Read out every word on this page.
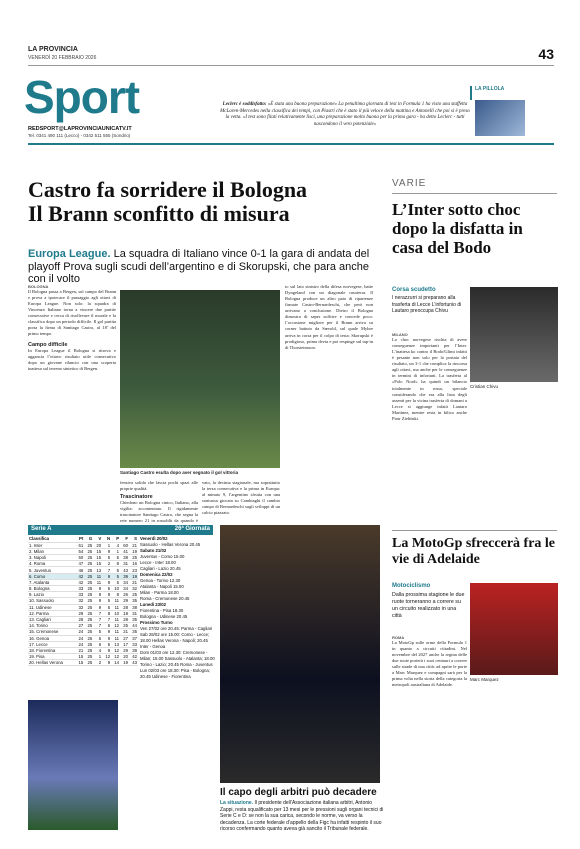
LA PROVINCIA
VENERDÌ 20 FEBBRAIO 2026	43
Sport
REDSPORT@LAPROVINCIAUNICATV.IT
Tel. 0341 490 111 (Lecco) - 0342 511 555 (Sondrio)
Leclerc è soddisfatto: «È stata una buona preparazione» La penultima giornata di test in Formula 1 ha visto una staffetta McLaren-Mercedes nella classifica dei tempi, con Piastri che è stato il più veloce della mattina e Antonelli che poi si è preso la vetta. «I test sono filati relativamente lisci, una preparazione molto buona per la prima gara - ha detto Leclerc - tutti nascondono il vero potenziale»
LA PILLOLA
Castro fa sorridere il Bologna
Il Brann sconfitto di misura
Europa League. La squadra di Italiano vince 0-1 la gara di andata del playoff Prova sugli scudi dell’argentino e di Skorupski, che para anche con il volto
BOLOGNA

Il Bologna passa a Bergen, sul campo del Brann e prova a ipotecare il passaggio agli ottavi di Europa League. Non solo: la squadra di Vincenzo Italiano torna a vincere due partite consecutive e cerca di risollevare il morale e la classifica dopo un periodo difficile. Il gol partita porta la firma di Santiago Castro, al 18’ del primo tempo.

Campo difficile

In Europa League il Bologna si ritrova e aggancia l’ottavo risultato utile consecutivo dopo un giovane rilancio con una scoperta inattesa sul terreno sintetico di Bergen.

Santiago Castro esulta dopo aver segnato il gol vittoria

fensiva solida che lascia pochi spazi alle proprie qualità.

Trascinatore

Chiedono un Bologna cinico, Italiano, alla vigilia: accontentato. Il rigidamente trascinatore Santiago Castro, che segna la rete numero 21 in rossoblù da quando è

vato, la decima stagionale, ma soprattutto la terza consecutiva e la prima in Europa: al minuto 9, l’argentino sfrutta con una sontuosa giocata su Cambiaghi il cambio campo di Bernardeschi sugli sviluppi di un calcio piazzato.
to sul lato sinistro della difesa norvegese, batte Dyngeland con un diagonale rasoterra. Il Bologna produce un altro paio di ripartenze firmate Castro-Bernardeschi, che però non arrivano a conclusione. Dietro il Bologna dimostra di saper soffrire e concede poco: l’occasione migliore per il Brann arriva su corner battuto da Sævold, sul quale Myhre arriva in corsa per il colpo di testa: Skorupski è prodigioso, prima devia e poi respinge sul tap-in di Thorsteinsson.
Serie A	26ª Giornata
Classifica	Pt	G	V	N	P	F	S
1. Inter	61	25	20	1	4	60	21
2. Milan	54	25	15	9	1	41	19
3. Napoli	50	25	15	5	5	38	25
4. Roma	47	25	15	2	8	31	16
5. Juventus	46	25	13	7	5	43	23
6. Como	42	25	11	9	5	39	19
7. Atalanta	42	25	11	9	5	34	21
8. Bologna	33	25	9	6	10	34	32
9. Lazio	33	25	8	9	8	26	25
10. Sassuolo	32	25	9	5	11	29	35
11. Udinese	32	25	9	5	11	28	38
12. Parma	29	25	7	8	10	18	31
13. Cagliari	28	25	7	7	11	28	35
14. Torino	27	25	7	6	12	25	44
15. Cremonese	24	25	5	9	11	21	35
16. Genoa	24	25	5	9	11	27	37
17. Lecce	24	25	6	6	13	17	33
18. Fiorentina	21	25	4	9	12	29	39
19. Pisa	15	25	1	12	12	20	42
20. Hellas Verona	15	25	2	9	14	19	43
Venerdì 20/02
Sassuolo - Hellas Verona 20.45
Sabato 21/02
Juventus - Como 15.00
Lecce - Inter 18.00
Cagliari - Lazio 20.45
Domenica 22/02
Genoa - Torino 12.30
Atalanta - Napoli 15.00
Milan - Parma 18.00
Roma - Cremonese 20.45
Lunedì 23/02
Fiorentina - Pisa 18.30
Bologna - Udinese 20.45
Prossimo Turno
Ven 27/02 ore 20.45: Parma - Cagliari
Sab 28/02 ore 15.00: Como - Lecce; 18.00 Hellas Verona - Napoli; 20.45 Inter - Genoa
Dom 01/03 ore 12.30: Cremonese - Milan; 15.00 Sassuolo - Atalanta; 18.00 Torino - Lazio; 20.45 Roma - Juventus
Lun 02/03 ore 18.30: Pisa - Bologna; 20.45 Udinese - Fiorentina
Il capo degli arbitri può decadere
La situazione. Il presidente dell’Associazione italiana arbitri, Antonio Zappi, resta squalificato per 13 mesi per le pressioni sugli organi tecnici di Serie C e D: se non la sua carica, secondo le norme, va verso la decadenza. La corte federale d’appello della Figc ha infatti respinto il suo ricorso confermando quanto aveva già sancito il Tribunale federale.
VARIE
L’Inter sotto choc dopo la disfatta in casa del Bodo
Corsa scudetto
I nerazzurri si preparano alla trasferta di Lecce L’infortunio di Lautaro preoccupa Chivu
Cristian Chivu
MILANO

Lo choc norvegese rischia di avere conseguenze importanti per l’Inter. L’inattesa ko contro il Bodo/Glimt infatti è pesante non solo per la portata del risultato, un 3-1 che complica la rincorsa agli ottavi, ma anche per le conseguenze in termini di infortuni. La trasferta al «Polo Nord» ha quindi un bilancio totalmente in rosso, speciale considerando che era alla lista degli assenti per la vicina trasferta di domani a Lecce si aggiunge infatti Lautaro Martinez, mentre resta in bilico anche Piotr Zieliński.

La MotoGp sfreccerà fra le vie di Adelaide
Motociclismo
Dalla prossima stagione le due ruote torneranno a correre su un circuito realizzato in una città
Marc Marquez
ROMA

La MotoGp sulle orme della Formula 1 in quanto a circuiti cittadini. Nel novembre del 2027 anche la regina delle due ruote porterà i suoi centauri a correre sulle strade di una città: ad aprire le porte a Marc Marquez e compagni sarà per la prima volta nella storia della categoria la metropoli australiana di Adelaide.
